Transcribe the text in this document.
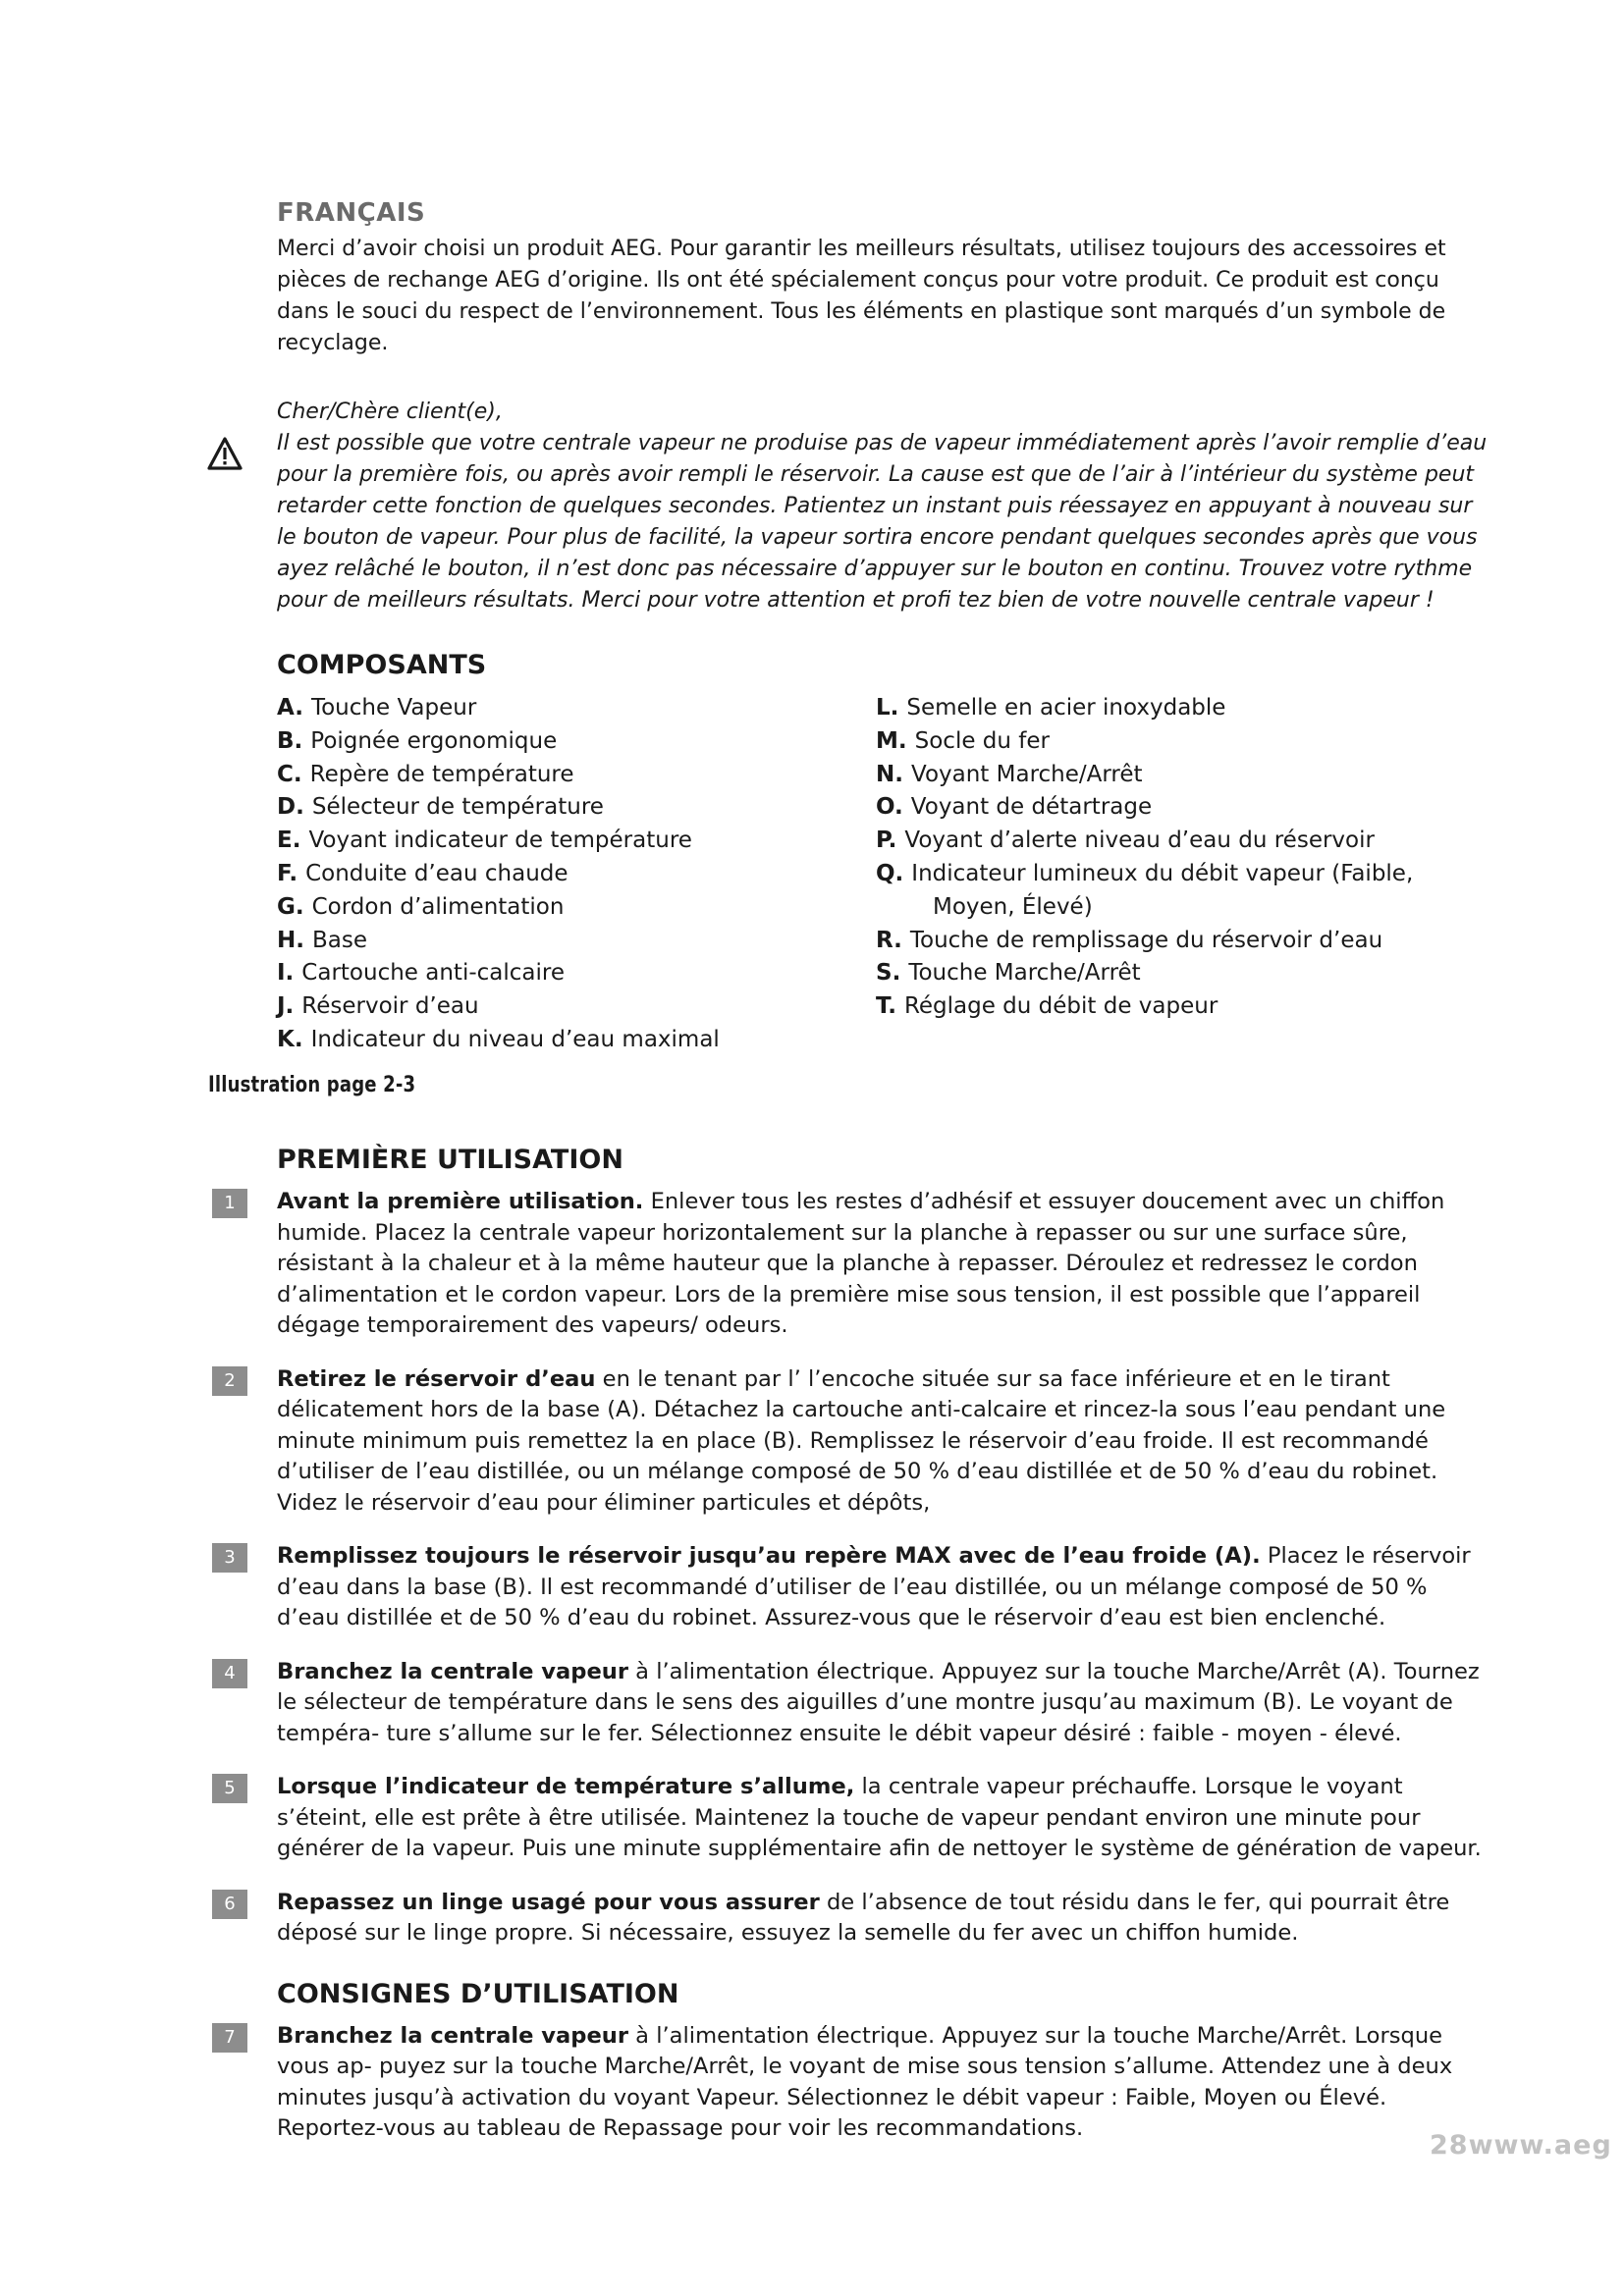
FRANÇAIS

Merci d’avoir choisi un produit AEG. Pour garantir les meilleurs résultats, utilisez toujours des accessoires et pièces de rechange AEG d’origine. Ils ont été spécialement conçus pour votre produit. Ce produit est conçu dans le souci du respect de l’environnement. Tous les éléments en plastique sont marqués d’un symbole de recyclage.

Cher/Chère client(e),

Il est possible que votre centrale vapeur ne produise pas de vapeur immédiatement après l’avoir remplie d’eau pour la première fois, ou après avoir rempli le réservoir. La cause est que de l’air à l’intérieur du système peut retarder cette fonction de quelques secondes. Patientez un instant puis réessayez en appuyant à nouveau sur le bouton de vapeur. Pour plus de facilité, la vapeur sortira encore pendant quelques secondes après que vous ayez relâché le bouton, il n’est donc pas nécessaire d’appuyer sur le bouton en continu. Trouvez votre rythme pour de meilleurs résultats. Merci pour votre attention et profi tez bien de votre nouvelle centrale vapeur !

COMPOSANTS
A. Touche Vapeur
B. Poignée ergonomique
C. Repère de température
D. Sélecteur de température
E. Voyant indicateur de température
F. Conduite d’eau chaude
G. Cordon d’alimentation
H. Base
I. Cartouche anti-calcaire
J. Réservoir d’eau
K. Indicateur du niveau d’eau maximal
L. Semelle en acier inoxydable
M. Socle du fer
N. Voyant Marche/Arrêt
O. Voyant de détartrage
P. Voyant d’alerte niveau d’eau du réservoir
Q. Indicateur lumineux du débit vapeur (Faible,
Moyen, Élevé)
R. Touche de remplissage du réservoir d’eau
S. Touche Marche/Arrêt
T. Réglage du débit de vapeur
Illustration page 2-3
PREMIÈRE UTILISATION
1	Avant la première utilisation. Enlever tous les restes d’adhésif et essuyer doucement avec un chiffon humide. Placez la centrale vapeur horizontalement sur la planche à repasser ou sur une surface sûre, résistant à la chaleur et à la même hauteur que la planche à repasser. Déroulez et redressez le cordon d’alimentation et le cordon vapeur. Lors de la première mise sous tension, il est possible que l’appareil dégage temporairement des vapeurs/ odeurs.

2	Retirez le réservoir d’eau en le tenant par l’ l’encoche située sur sa face inférieure et en le tirant délicatement hors de la base (A). Détachez la cartouche anti-calcaire et rincez-la sous l’eau pendant une minute minimum puis remettez la en place (B). Remplissez le réservoir d’eau froide. Il est recommandé d’utiliser de l’eau distillée, ou un mélange composé de 50 % d’eau distillée et de 50 % d’eau du robinet. Videz le réservoir d’eau pour éliminer particules et dépôts,

3	Remplissez toujours le réservoir jusqu’au repère MAX avec de l’eau froide (A). Placez le réservoir d’eau dans la base (B). Il est recommandé d’utiliser de l’eau distillée, ou un mélange composé de 50 % d’eau distillée et de 50 % d’eau du robinet. Assurez-vous que le réservoir d’eau est bien enclenché.

4	Branchez la centrale vapeur à l’alimentation électrique. Appuyez sur la touche Marche/Arrêt (A). Tournez le sélecteur de température dans le sens des aiguilles d’une montre jusqu’au maximum (B). Le voyant de tempéra- ture s’allume sur le fer. Sélectionnez ensuite le débit vapeur désiré : faible - moyen - élevé.

5	Lorsque l’indicateur de température s’allume, la centrale vapeur préchauffe. Lorsque le voyant s’éteint, elle est prête à être utilisée. Maintenez la touche de vapeur pendant environ une minute pour générer de la vapeur. Puis une minute supplémentaire afin de nettoyer le système de génération de vapeur.

6	Repassez un linge usagé pour vous assurer de l’absence de tout résidu dans le fer, qui pourrait être déposé sur le linge propre. Si nécessaire, essuyez la semelle du fer avec un chiffon humide.

CONSIGNES D’UTILISATION
7	Branchez la centrale vapeur à l’alimentation électrique. Appuyez sur la touche Marche/Arrêt. Lorsque vous ap- puyez sur la touche Marche/Arrêt, le voyant de mise sous tension s’allume. Attendez une à deux minutes jusqu’à activation du voyant Vapeur. Sélectionnez le débit vapeur : Faible, Moyen ou Élevé. Reportez-vous au tableau de Repassage pour voir les recommandations.

28www.aeg
